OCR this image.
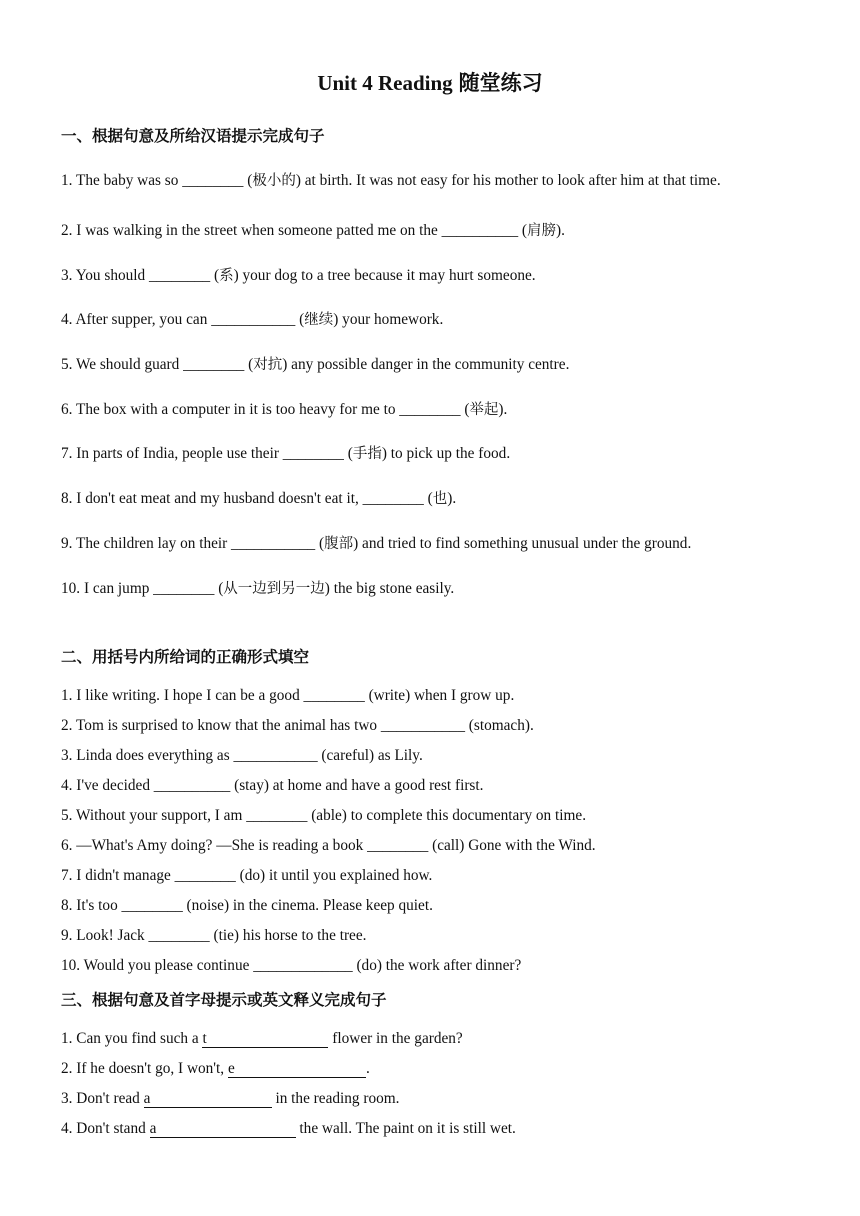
Unit 4 Reading 随堂练习
一、根据句意及所给汉语提示完成句子

1. The baby was so ________ (极小的) at birth. It was not easy for his mother to look after him at that time.

2. I was walking in the street when someone patted me on the __________ (肩膀).

3. You should ________ (系) your dog to a tree because it may hurt someone.

4. After supper, you can ___________ (继续) your homework.

5. We should guard ________ (对抗) any possible danger in the community centre.

6. The box with a computer in it is too heavy for me to ________ (举起).

7. In parts of India, people use their ________ (手指) to pick up the food.

8. I don't eat meat and my husband doesn't eat it, ________ (也).

9. The children lay on their ___________ (腹部) and tried to find something unusual under the ground.

10. I can jump ________ (从一边到另一边) the big stone easily.

二、用括号内所给词的正确形式填空

1. I like writing. I hope I can be a good ________ (write) when I grow up.

2. Tom is surprised to know that the animal has two ___________ (stomach).

3. Linda does everything as ___________ (careful) as Lily.

4. I've decided __________ (stay) at home and have a good rest first.

5. Without your support, I am ________ (able) to complete this documentary on time.

6. —What's Amy doing? —She is reading a book ________ (call) Gone with the Wind.

7. I didn't manage ________ (do) it until you explained how.

8. It's too ________ (noise) in the cinema. Please keep quiet.

9. Look! Jack ________ (tie) his horse to the tree.

10. Would you please continue _____________ (do) the work after dinner?

三、根据句意及首字母提示或英文释义完成句子

1. Can you find such a t	flower in the garden?

2. If he doesn't go, I won't, e	.

3. Don't read a	in the reading room.

4. Don't stand a	the wall. The paint on it is still wet.
